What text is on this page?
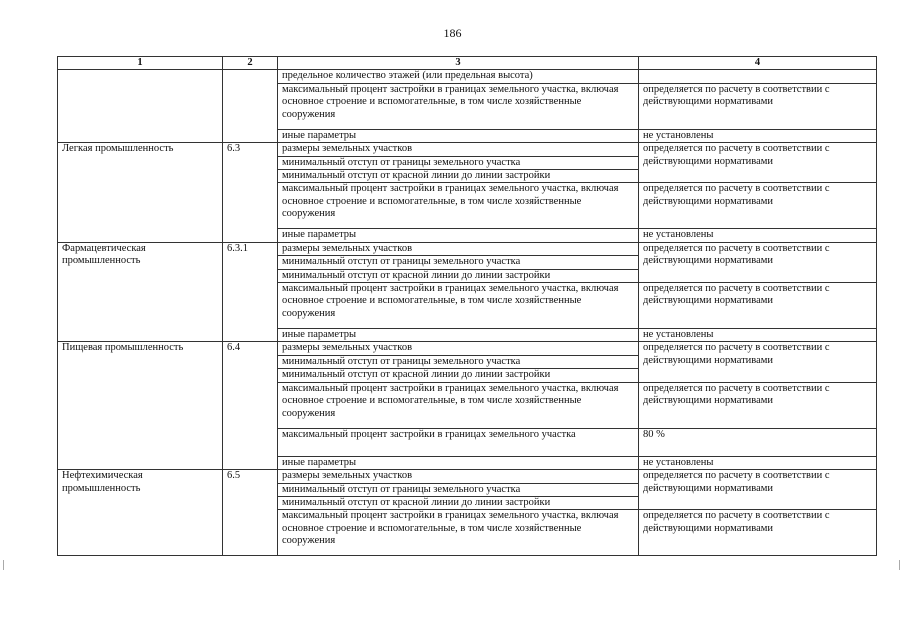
186
1	2	3	4
		предельное количество этажей (или предельная высота)	
		максимальный процент застройки в границах земельного участка, включая основное строение и вспомогательные, в том числе хозяйственные сооружения	определяется по расчету в соответствии с действующими нормативами
		иные параметры	не установлены
Легкая промышленность	6.3	размеры земельных участков	определяется по расчету в соответствии с действующими нормативами
		минимальный отступ от границы земельного участка	
		минимальный отступ от красной линии до линии застройки	
		максимальный процент застройки в границах земельного участка, включая основное строение и вспомогательные, в том числе хозяйственные сооружения	определяется по расчету в соответствии с действующими нормативами
		иные параметры	не установлены
Фармацевтическая промышленность	6.3.1	размеры земельных участков	определяется по расчету в соответствии с действующими нормативами
		минимальный отступ от границы земельного участка	
		минимальный отступ от красной линии до линии застройки	
		максимальный процент застройки в границах земельного участка, включая основное строение и вспомогательные, в том числе хозяйственные сооружения	определяется по расчету в соответствии с действующими нормативами
		иные параметры	не установлены
Пищевая промышленность	6.4	размеры земельных участков	определяется по расчету в соответствии с действующими нормативами
		минимальный отступ от границы земельного участка	
		минимальный отступ от красной линии до линии застройки	
		максимальный процент застройки в границах земельного участка, включая основное строение и вспомогательные, в том числе хозяйственные сооружения	определяется по расчету в соответствии с действующими нормативами
		максимальный процент застройки в границах земельного участка	80 %
		иные параметры	не установлены
Нефтехимическая промышленность	6.5	размеры земельных участков	определяется по расчету в соответствии с действующими нормативами
		минимальный отступ от границы земельного участка	
		минимальный отступ от красной линии до линии застройки	
		максимальный процент застройки в границах земельного участка, включая основное строение и вспомогательные, в том числе хозяйственные сооружения	определяется по расчету в соответствии с действующими нормативами
